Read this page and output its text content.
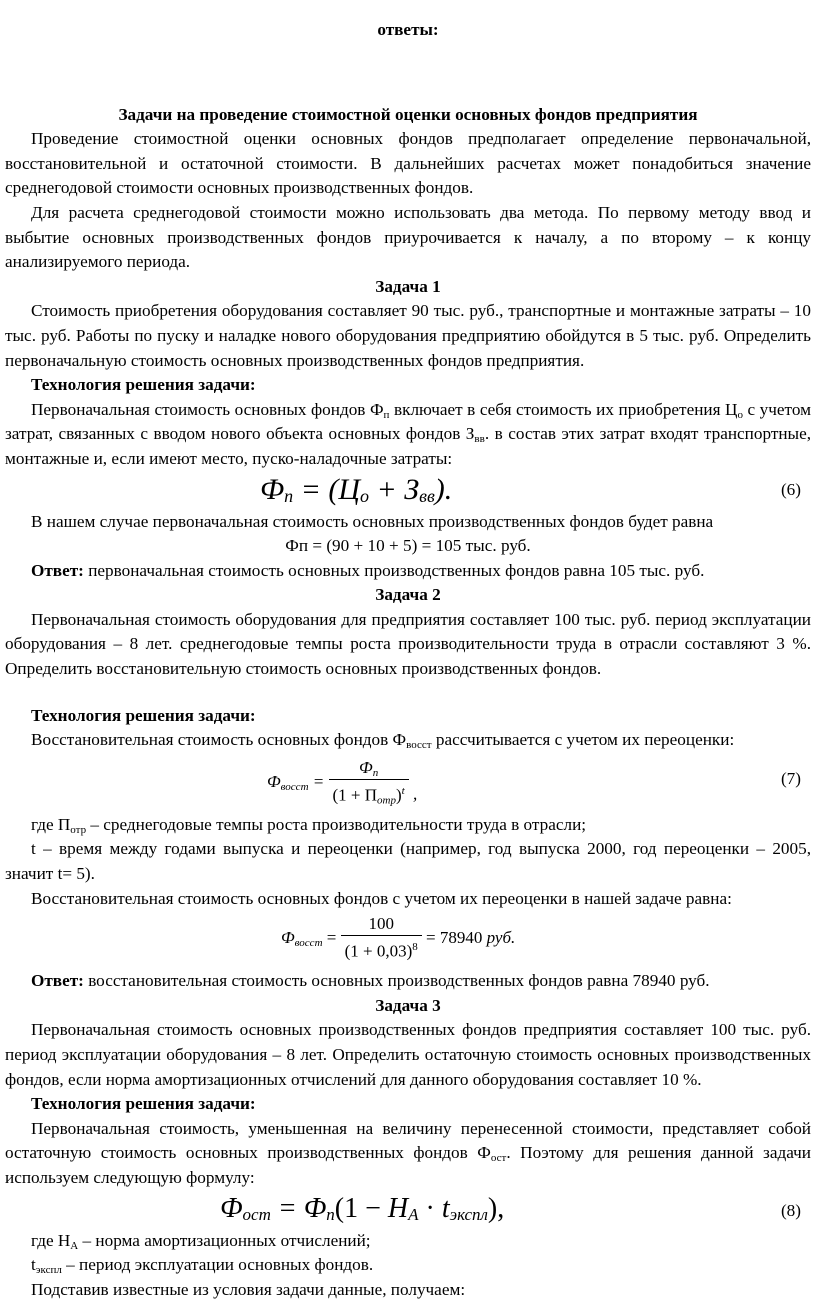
ответы:

Задачи на проведение стоимостной оценки основных фондов предприятия

Проведение стоимостной оценки основных фондов предполагает определение первоначальной, восстановительной и остаточной стоимости. В дальнейших расчетах может понадобиться значение среднегодовой стоимости основных производственных фондов.

Для расчета среднегодовой стоимости можно использовать два метода. По первому методу ввод и выбытие основных производственных фондов приурочивается к началу, а по второму – к концу анализируемого периода.

Задача 1

Стоимость приобретения оборудования составляет 90 тыс. руб., транспортные и монтажные затраты – 10 тыс. руб. Работы по пуску и наладке нового оборудования предприятию обойдутся в 5 тыс. руб. Определить первоначальную стоимость основных производственных фондов предприятия.

Технология решения задачи:

Первоначальная стоимость основных фондов $Ф_п$ включает в себя стоимость их приобретения $Ц_о$ с учетом затрат, связанных с вводом нового объекта основных фондов $З_{вв}$. в состав этих затрат входят транспортные, монтажные и, если имеют место, пуско-наладочные затраты:

$Ф_п = (Ц_о + З_{вв})$.	(6)

В нашем случае первоначальная стоимость основных производственных фондов будет равна

Фп = (90 + 10 + 5) = 105 тыс. руб.

Ответ: первоначальная стоимость основных производственных фондов равна 105 тыс. руб.

Задача 2

Первоначальная стоимость оборудования для предприятия составляет 100 тыс. руб. период эксплуатации оборудования – 8 лет. среднегодовые темпы роста производительности труда в отрасли составляют 3 %. Определить восстановительную стоимость основных производственных фондов.

Технология решения задачи:

Восстановительная стоимость основных фондов $Ф_{восст}$ рассчитывается с учетом их переоценки:

$Ф_{восст} = \frac{Ф_п}{(1 + П_{отр})^t}$ ,
(7)

где $П_{отр}$ – среднегодовые темпы роста производительности труда в отрасли;

t – время между годами выпуска и переоценки (например, год выпуска 2000, год переоценки – 2005, значит t= 5).

Восстановительная стоимость основных фондов с учетом их переоценки в нашей задаче равна:

$Ф_{восст} = \frac{100}{(1 + 0,03)^8} = 78940$ руб.

Ответ: восстановительная стоимость основных производственных фондов равна 78940 руб.

Задача 3

Первоначальная стоимость основных производственных фондов предприятия составляет 100 тыс. руб. период эксплуатации оборудования – 8 лет. Определить остаточную стоимость основных производственных фондов, если норма амортизационных отчислений для данного оборудования составляет 10 %.

Технология решения задачи:

Первоначальная стоимость, уменьшенная на величину перенесенной стоимости, представляет собой остаточную стоимость основных производственных фондов $Ф_{ост}$. Поэтому для решения данной задачи используем следующую формулу:

$Ф_{ост} = Ф_п(1 - Н_А \cdot t_{экспл})$,	(8)

где $Н_А$ – норма амортизационных отчислений;

$t_{экспл}$ – период эксплуатации основных фондов.

Подставив известные из условия задачи данные, получаем:
